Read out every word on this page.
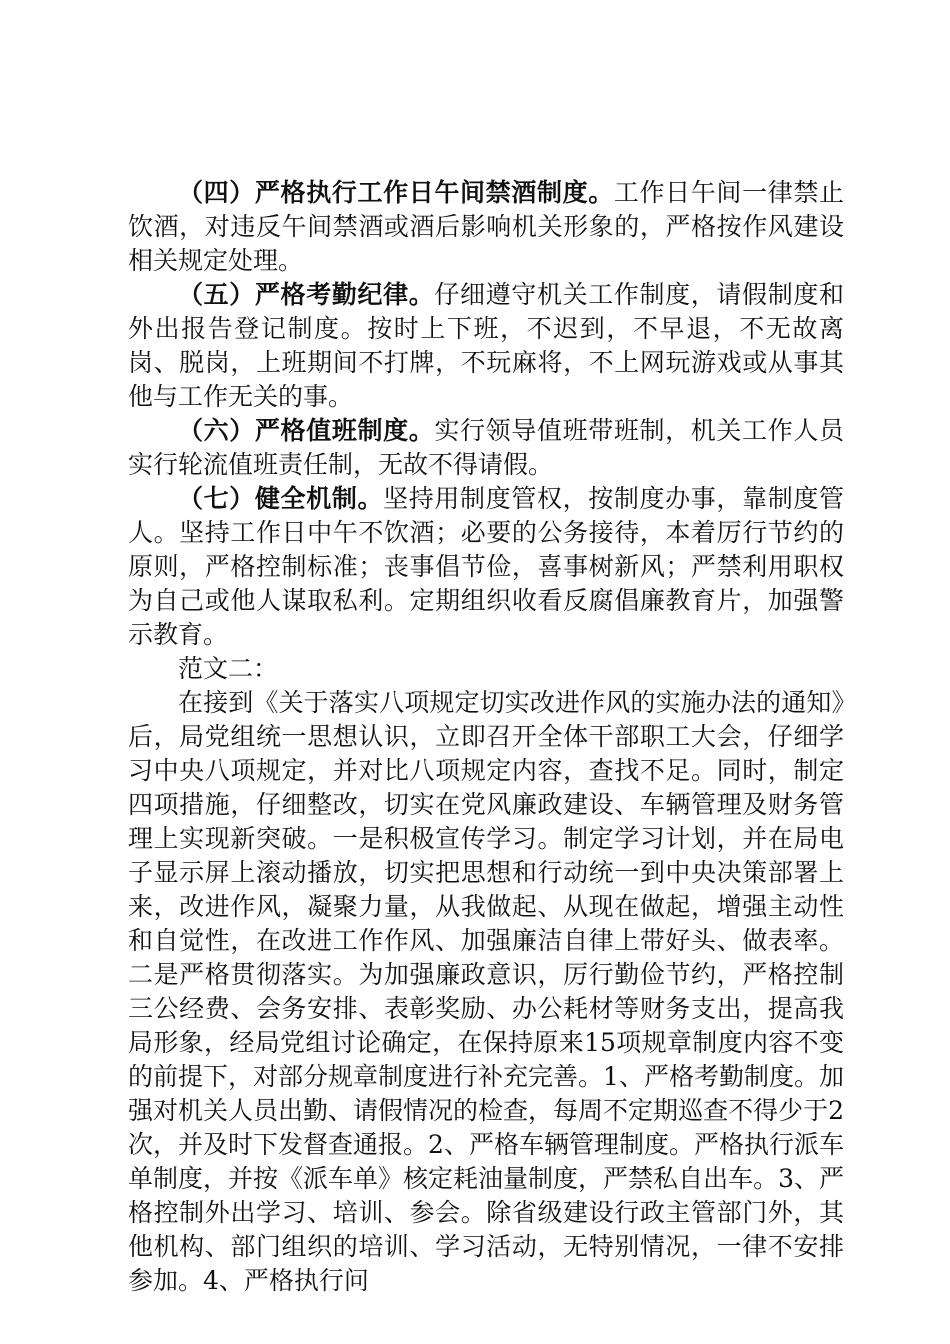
（四）严格执行工作日午间禁酒制度。工作日午间一律禁止饮酒，对违反午间禁酒或酒后影响机关形象的，严格按作风建设相关规定处理。

（五）严格考勤纪律。仔细遵守机关工作制度，请假制度和外出报告登记制度。按时上下班，不迟到，不早退，不无故离岗、脱岗，上班期间不打牌，不玩麻将，不上网玩游戏或从事其他与工作无关的事。

（六）严格值班制度。实行领导值班带班制，机关工作人员实行轮流值班责任制，无故不得请假。

（七）健全机制。坚持用制度管权，按制度办事，靠制度管人。坚持工作日中午不饮酒；必要的公务接待，本着厉行节约的原则，严格控制标准；丧事倡节俭，喜事树新风；严禁利用职权为自己或他人谋取私利。定期组织收看反腐倡廉教育片，加强警示教育。

范文二：

在接到《关于落实八项规定切实改进作风的实施办法的通知》后，局党组统一思想认识，立即召开全体干部职工大会，仔细学习中央八项规定，并对比八项规定内容，查找不足。同时，制定四项措施，仔细整改，切实在党风廉政建设、车辆管理及财务管理上实现新突破。一是积极宣传学习。制定学习计划，并在局电子显示屏上滚动播放，切实把思想和行动统一到中央决策部署上来，改进作风，凝聚力量，从我做起、从现在做起，增强主动性和自觉性，在改进工作作风、加强廉洁自律上带好头、做表率。二是严格贯彻落实。为加强廉政意识，厉行勤俭节约，严格控制三公经费、会务安排、表彰奖励、办公耗材等财务支出，提高我局形象，经局党组讨论确定，在保持原来15项规章制度内容不变的前提下，对部分规章制度进行补充完善。1、严格考勤制度。加强对机关人员出勤、请假情况的检查，每周不定期巡查不得少于2次，并及时下发督查通报。2、严格车辆管理制度。严格执行派车单制度，并按《派车单》核定耗油量制度，严禁私自出车。3、严格控制外出学习、培训、参会。除省级建设行政主管部门外，其他机构、部门组织的培训、学习活动，无特别情况，一律不安排参加。4、严格执行问
